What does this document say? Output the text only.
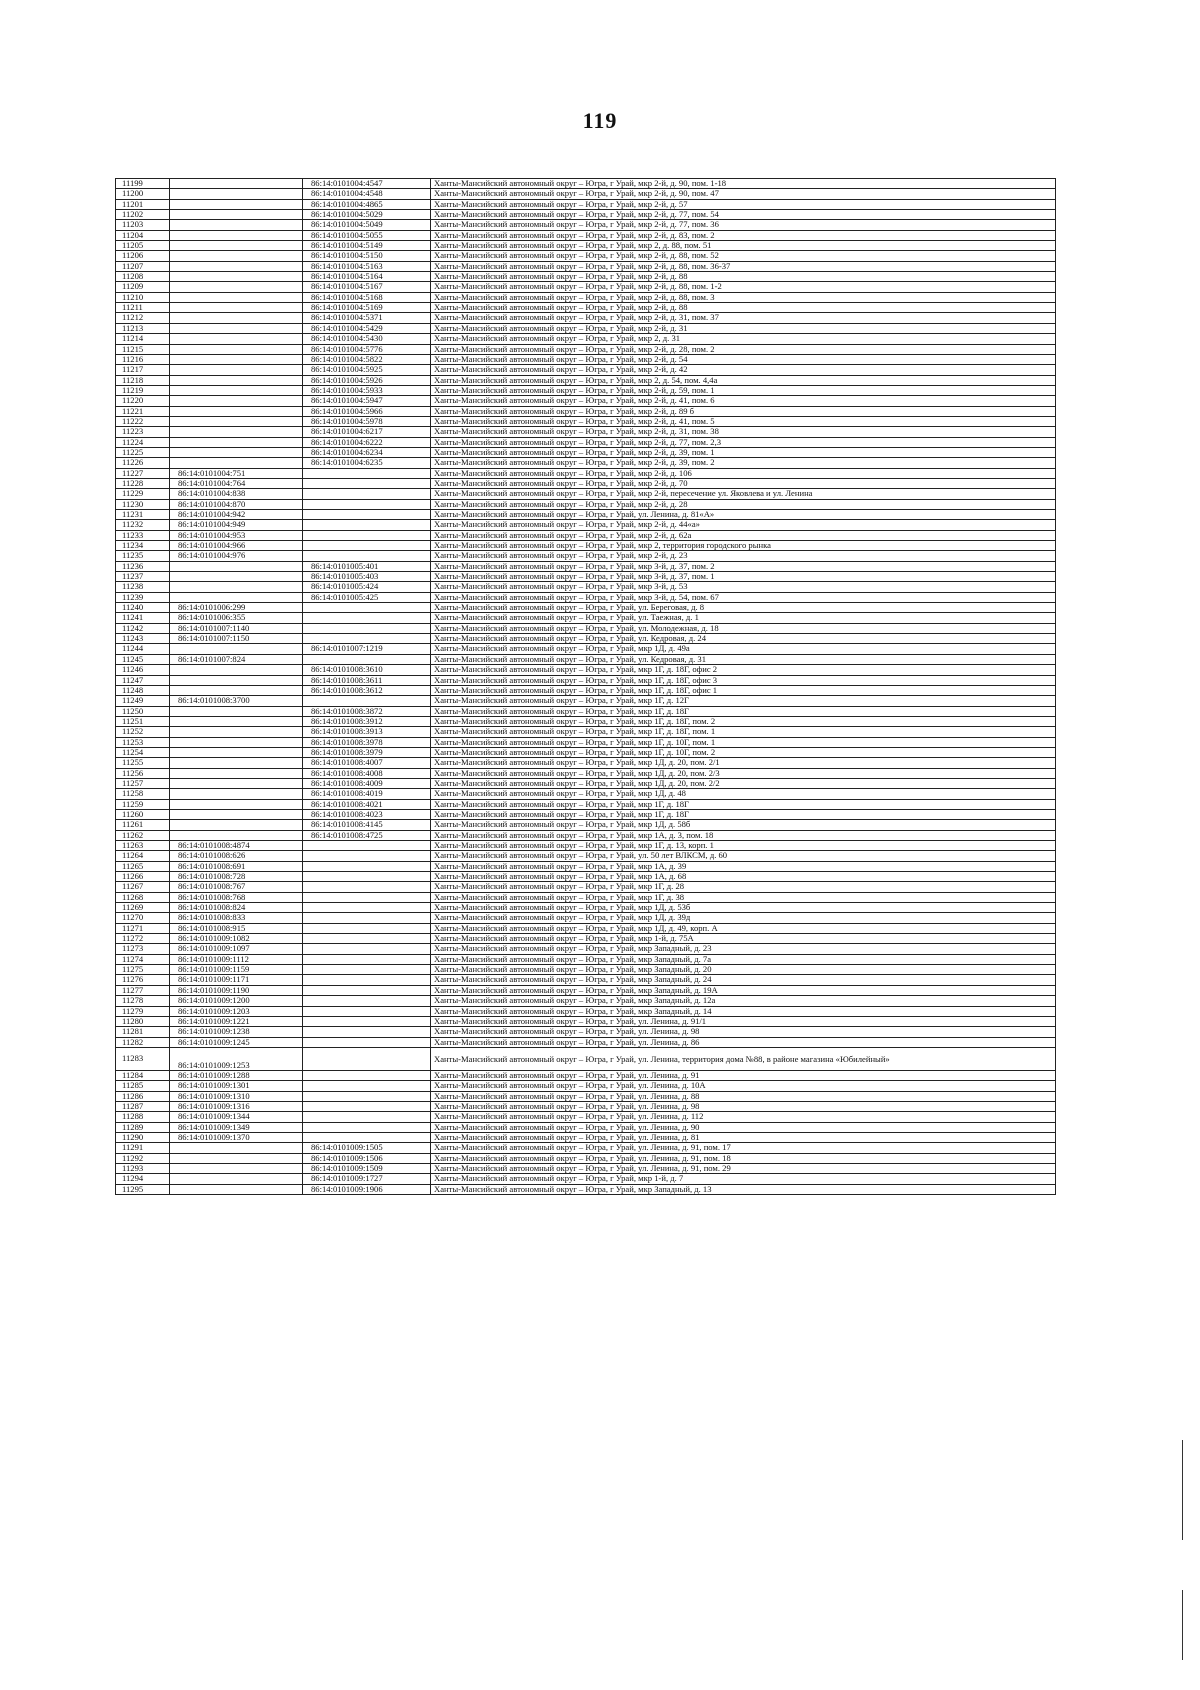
119
11199		86:14:0101004:4547	Ханты-Мансийский автономный округ – Югра, г Урай, мкр 2-й, д. 90, пом. 1-18
11200		86:14:0101004:4548	Ханты-Мансийский автономный округ – Югра, г Урай, мкр 2-й, д. 90, пом. 47
11201		86:14:0101004:4865	Ханты-Мансийский автономный округ – Югра, г Урай, мкр 2-й, д. 57
11202		86:14:0101004:5029	Ханты-Мансийский автономный округ – Югра, г Урай, мкр 2-й, д. 77, пом. 54
11203		86:14:0101004:5049	Ханты-Мансийский автономный округ – Югра, г Урай, мкр 2-й, д. 77, пом. 36
11204		86:14:0101004:5055	Ханты-Мансийский автономный округ – Югра, г Урай, мкр 2-й, д. 83, пом. 2
11205		86:14:0101004:5149	Ханты-Мансийский автономный округ – Югра, г Урай, мкр 2, д. 88, пом. 51
11206		86:14:0101004:5150	Ханты-Мансийский автономный округ – Югра, г Урай, мкр 2-й, д. 88, пом. 52
11207		86:14:0101004:5163	Ханты-Мансийский автономный округ – Югра, г Урай, мкр 2-й, д. 88, пом. 36-37
11208		86:14:0101004:5164	Ханты-Мансийский автономный округ – Югра, г Урай, мкр 2-й, д. 88
11209		86:14:0101004:5167	Ханты-Мансийский автономный округ – Югра, г Урай, мкр 2-й, д. 88, пом. 1-2
11210		86:14:0101004:5168	Ханты-Мансийский автономный округ – Югра, г Урай, мкр 2-й, д. 88, пом. 3
11211		86:14:0101004:5169	Ханты-Мансийский автономный округ – Югра, г Урай, мкр 2-й, д. 88
11212		86:14:0101004:5371	Ханты-Мансийский автономный округ – Югра, г Урай, мкр 2-й, д. 31, пом. 37
11213		86:14:0101004:5429	Ханты-Мансийский автономный округ – Югра, г Урай, мкр 2-й, д. 31
11214		86:14:0101004:5430	Ханты-Мансийский автономный округ – Югра, г Урай, мкр 2, д. 31
11215		86:14:0101004:5776	Ханты-Мансийский автономный округ – Югра, г Урай, мкр 2-й, д. 28, пом. 2
11216		86:14:0101004:5822	Ханты-Мансийский автономный округ – Югра, г Урай, мкр 2-й, д. 54
11217		86:14:0101004:5925	Ханты-Мансийский автономный округ – Югра, г Урай, мкр 2-й, д. 42
11218		86:14:0101004:5926	Ханты-Мансийский автономный округ – Югра, г Урай, мкр 2, д. 54, пом. 4,4а
11219		86:14:0101004:5933	Ханты-Мансийский автономный округ – Югра, г Урай, мкр 2-й, д. 59, пом. 1
11220		86:14:0101004:5947	Ханты-Мансийский автономный округ – Югра, г Урай, мкр 2-й, д. 41, пом. 6
11221		86:14:0101004:5966	Ханты-Мансийский автономный округ – Югра, г Урай, мкр 2-й, д. 89 б
11222		86:14:0101004:5978	Ханты-Мансийский автономный округ – Югра, г Урай, мкр 2-й, д. 41, пом. 5
11223		86:14:0101004:6217	Ханты-Мансийский автономный округ – Югра, г Урай, мкр 2-й, д. 31, пом. 38
11224		86:14:0101004:6222	Ханты-Мансийский автономный округ – Югра, г Урай, мкр 2-й, д. 77, пом. 2,3
11225		86:14:0101004:6234	Ханты-Мансийский автономный округ – Югра, г Урай, мкр 2-й, д. 39, пом. 1
11226		86:14:0101004:6235	Ханты-Мансийский автономный округ – Югра, г Урай, мкр 2-й, д. 39, пом. 2
11227	86:14:0101004:751		Ханты-Мансийский автономный округ – Югра, г Урай, мкр 2-й, д. 106
11228	86:14:0101004:764		Ханты-Мансийский автономный округ – Югра, г Урай, мкр 2-й, д. 70
11229	86:14:0101004:838		Ханты-Мансийский автономный округ – Югра, г Урай, мкр 2-й, пересечение ул. Яковлева и ул. Ленина
11230	86:14:0101004:870		Ханты-Мансийский автономный округ – Югра, г Урай, мкр 2-й, д. 28
11231	86:14:0101004:942		Ханты-Мансийский автономный округ – Югра, г Урай, ул. Ленина, д. 81«А»
11232	86:14:0101004:949		Ханты-Мансийский автономный округ – Югра, г Урай, мкр 2-й, д. 44«а»
11233	86:14:0101004:953		Ханты-Мансийский автономный округ – Югра, г Урай, мкр 2-й, д. 62а
11234	86:14:0101004:966		Ханты-Мансийский автономный округ – Югра, г Урай, мкр 2, территория городского рынка
11235	86:14:0101004:976		Ханты-Мансийский автономный округ – Югра, г Урай, мкр 2-й, д. 23
11236		86:14:0101005:401	Ханты-Мансийский автономный округ – Югра, г Урай, мкр 3-й, д. 37, пом. 2
11237		86:14:0101005:403	Ханты-Мансийский автономный округ – Югра, г Урай, мкр 3-й, д. 37, пом. 1
11238		86:14:0101005:424	Ханты-Мансийский автономный округ – Югра, г Урай, мкр 3-й, д. 53
11239		86:14:0101005:425	Ханты-Мансийский автономный округ – Югра, г Урай, мкр 3-й, д. 54, пом. 67
11240	86:14:0101006:299		Ханты-Мансийский автономный округ – Югра, г Урай, ул. Береговая, д. 8
11241	86:14:0101006:355		Ханты-Мансийский автономный округ – Югра, г Урай, ул. Таежная, д. 1
11242	86:14:0101007:1140		Ханты-Мансийский автономный округ – Югра, г Урай, ул. Молодежная, д. 18
11243	86:14:0101007:1150		Ханты-Мансийский автономный округ – Югра, г Урай, ул. Кедровая, д. 24
11244		86:14:0101007:1219	Ханты-Мансийский автономный округ – Югра, г Урай, мкр 1Д, д. 49а
11245	86:14:0101007:824		Ханты-Мансийский автономный округ – Югра, г Урай, ул. Кедровая, д. 31
11246		86:14:0101008:3610	Ханты-Мансийский автономный округ – Югра, г Урай, мкр 1Г, д. 18Г, офис 2
11247		86:14:0101008:3611	Ханты-Мансийский автономный округ – Югра, г Урай, мкр 1Г, д. 18Г, офис 3
11248		86:14:0101008:3612	Ханты-Мансийский автономный округ – Югра, г Урай, мкр 1Г, д. 18Г, офис 1
11249	86:14:0101008:3700		Ханты-Мансийский автономный округ – Югра, г Урай, мкр 1Г, д. 12Г
11250		86:14:0101008:3872	Ханты-Мансийский автономный округ – Югра, г Урай, мкр 1Г, д. 18Г
11251		86:14:0101008:3912	Ханты-Мансийский автономный округ – Югра, г Урай, мкр 1Г, д. 18Г, пом. 2
11252		86:14:0101008:3913	Ханты-Мансийский автономный округ – Югра, г Урай, мкр 1Г, д. 18Г, пом. 1
11253		86:14:0101008:3978	Ханты-Мансийский автономный округ – Югра, г Урай, мкр 1Г, д. 10Г, пом. 1
11254		86:14:0101008:3979	Ханты-Мансийский автономный округ – Югра, г Урай, мкр 1Г, д. 10Г, пом. 2
11255		86:14:0101008:4007	Ханты-Мансийский автономный округ – Югра, г Урай, мкр 1Д, д. 20, пом. 2/1
11256		86:14:0101008:4008	Ханты-Мансийский автономный округ – Югра, г Урай, мкр 1Д, д. 20, пом. 2/3
11257		86:14:0101008:4009	Ханты-Мансийский автономный округ – Югра, г Урай, мкр 1Д, д. 20, пом. 2/2
11258		86:14:0101008:4019	Ханты-Мансийский автономный округ – Югра, г Урай, мкр 1Д, д. 48
11259		86:14:0101008:4021	Ханты-Мансийский автономный округ – Югра, г Урай, мкр 1Г, д. 18Г
11260		86:14:0101008:4023	Ханты-Мансийский автономный округ – Югра, г Урай, мкр 1Г, д. 18Г
11261		86:14:0101008:4145	Ханты-Мансийский автономный округ – Югра, г Урай, мкр 1Д, д. 58б
11262		86:14:0101008:4725	Ханты-Мансийский автономный округ – Югра, г Урай, мкр 1А, д. 3, пом. 18
11263	86:14:0101008:4874		Ханты-Мансийский автономный округ – Югра, г Урай, мкр 1Г, д. 13, корп. 1
11264	86:14:0101008:626		Ханты-Мансийский автономный округ – Югра, г Урай, ул. 50 лет ВЛКСМ, д. 60
11265	86:14:0101008:691		Ханты-Мансийский автономный округ – Югра, г Урай, мкр 1А, д. 39
11266	86:14:0101008:728		Ханты-Мансийский автономный округ – Югра, г Урай, мкр 1А, д. 68
11267	86:14:0101008:767		Ханты-Мансийский автономный округ – Югра, г Урай, мкр 1Г, д. 28
11268	86:14:0101008:768		Ханты-Мансийский автономный округ – Югра, г Урай, мкр 1Г, д. 38
11269	86:14:0101008:824		Ханты-Мансийский автономный округ – Югра, г Урай, мкр 1Д, д. 53б
11270	86:14:0101008:833		Ханты-Мансийский автономный округ – Югра, г Урай, мкр 1Д, д. 39д
11271	86:14:0101008:915		Ханты-Мансийский автономный округ – Югра, г Урай, мкр 1Д, д. 49, корп. А
11272	86:14:0101009:1082		Ханты-Мансийский автономный округ – Югра, г Урай, мкр 1-й, д. 75А
11273	86:14:0101009:1097		Ханты-Мансийский автономный округ – Югра, г Урай, мкр Западный, д. 23
11274	86:14:0101009:1112		Ханты-Мансийский автономный округ – Югра, г Урай, мкр Западный, д. 7а
11275	86:14:0101009:1159		Ханты-Мансийский автономный округ – Югра, г Урай, мкр Западный, д. 20
11276	86:14:0101009:1171		Ханты-Мансийский автономный округ – Югра, г Урай, мкр Западный, д. 24
11277	86:14:0101009:1190		Ханты-Мансийский автономный округ – Югра, г Урай, мкр Западный, д. 19А
11278	86:14:0101009:1200		Ханты-Мансийский автономный округ – Югра, г Урай, мкр Западный, д. 12а
11279	86:14:0101009:1203		Ханты-Мансийский автономный округ – Югра, г Урай, мкр Западный, д. 14
11280	86:14:0101009:1221		Ханты-Мансийский автономный округ – Югра, г Урай, ул. Ленина, д. 91/1
11281	86:14:0101009:1238		Ханты-Мансийский автономный округ – Югра, г Урай, ул. Ленина, д. 98
11282	86:14:0101009:1245		Ханты-Мансийский автономный округ – Югра, г Урай, ул. Ленина, д. 86
11283	86:14:0101009:1253		Ханты-Мансийский автономный округ – Югра, г Урай, ул. Ленина, территория дома №88, в районе магазина «Юбилейный»
11284	86:14:0101009:1288		Ханты-Мансийский автономный округ – Югра, г Урай, ул. Ленина, д. 91
11285	86:14:0101009:1301		Ханты-Мансийский автономный округ – Югра, г Урай, ул. Ленина, д. 10А
11286	86:14:0101009:1310		Ханты-Мансийский автономный округ – Югра, г Урай, ул. Ленина, д. 88
11287	86:14:0101009:1316		Ханты-Мансийский автономный округ – Югра, г Урай, ул. Ленина, д. 98
11288	86:14:0101009:1344		Ханты-Мансийский автономный округ – Югра, г Урай, ул. Ленина, д. 112
11289	86:14:0101009:1349		Ханты-Мансийский автономный округ – Югра, г Урай, ул. Ленина, д. 90
11290	86:14:0101009:1370		Ханты-Мансийский автономный округ – Югра, г Урай, ул. Ленина, д. 81
11291		86:14:0101009:1505	Ханты-Мансийский автономный округ – Югра, г Урай, ул. Ленина, д. 91, пом. 17
11292		86:14:0101009:1506	Ханты-Мансийский автономный округ – Югра, г Урай, ул. Ленина, д. 91, пом. 18
11293		86:14:0101009:1509	Ханты-Мансийский автономный округ – Югра, г Урай, ул. Ленина, д. 91, пом. 29
11294		86:14:0101009:1727	Ханты-Мансийский автономный округ – Югра, г Урай, мкр 1-й, д. 7
11295		86:14:0101009:1906	Ханты-Мансийский автономный округ – Югра, г Урай, мкр Западный, д. 13
